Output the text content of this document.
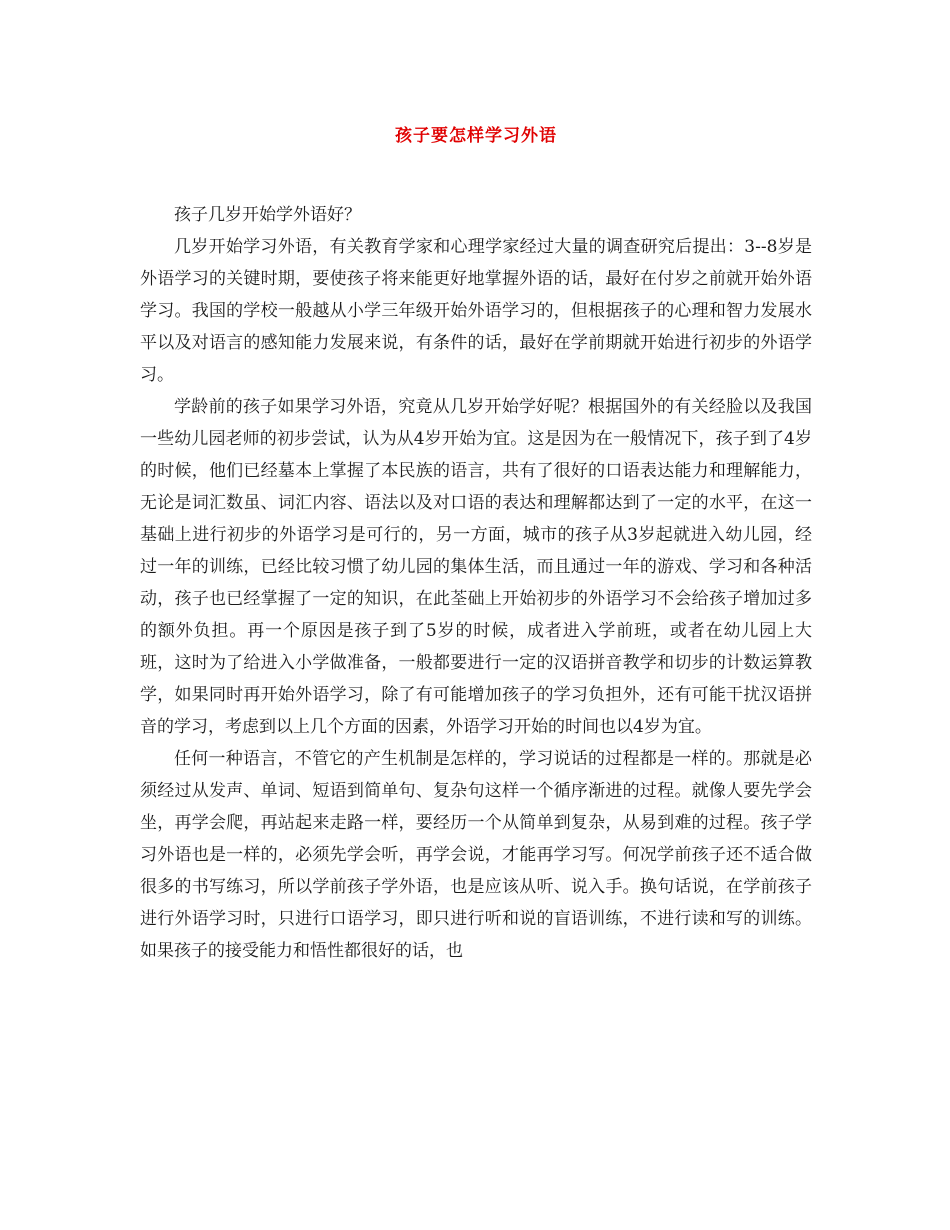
孩子要怎样学习外语

孩子几岁开始学外语好？

几岁开始学习外语，有关教育学家和心理学家经过大量的调查研究后提出：3--8岁是外语学习的关键时期，要使孩子将来能更好地掌握外语的话，最好在付岁之前就开始外语学习。我国的学校一般越从小学三年级开始外语学习的，但根据孩子的心理和智力发展水平以及对语言的感知能力发展来说，有条件的话，最好在学前期就开始进行初步的外语学习。

学龄前的孩子如果学习外语，究竟从几岁开始学好呢？根据国外的有关经脸以及我国一些幼儿园老师的初步尝试，认为从4岁开始为宜。这是因为在一般情况下，孩子到了4岁的时候，他们已经墓本上掌握了本民族的语言，共有了很好的口语表达能力和理解能力，无论是词汇数虽、词汇内容、语法以及对口语的表达和理解都达到了一定的水平，在这一基础上进行初步的外语学习是可行的，另一方面，城市的孩子从3岁起就进入幼儿园，经过一年的训练，已经比较习惯了幼儿园的集体生活，而且通过一年的游戏、学习和各种活动，孩子也已经掌握了一定的知识，在此荃础上开始初步的外语学习不会给孩子增加过多的额外负担。再一个原因是孩子到了5岁的时候，成者进入学前班，或者在幼儿园上大班，这时为了给进入小学做准备，一般都要进行一定的汉语拼音教学和切步的计数运算教学，如果同时再开始外语学习，除了有可能增加孩子的学习负担外，还有可能干扰汉语拼音的学习，考虑到以上几个方面的因素，外语学习开始的时间也以4岁为宜。

任何一种语言，不管它的产生机制是怎样的，学习说话的过程都是一样的。那就是必须经过从发声、单词、短语到简单句、复杂句这样一个循序渐进的过程。就像人要先学会坐，再学会爬，再站起来走路一样，要经历一个从简单到复杂，从易到难的过程。孩子学习外语也是一样的，必须先学会听，再学会说，才能再学习写。何况学前孩子还不适合做很多的书写练习，所以学前孩子学外语，也是应该从听、说入手。换句话说，在学前孩子进行外语学习时，只进行口语学习，即只进行听和说的盲语训练，不进行读和写的训练。如果孩子的接受能力和悟性都很好的话，也
